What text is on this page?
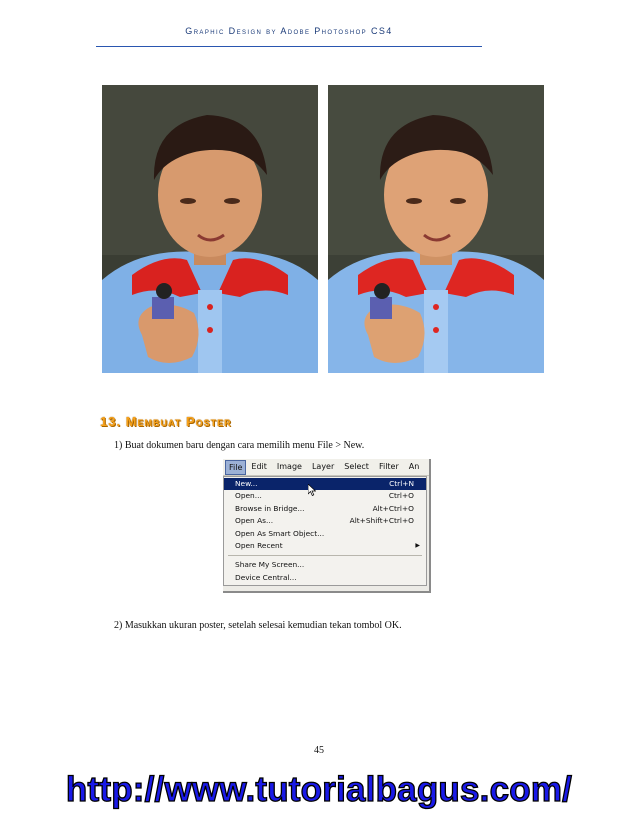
Graphic Design by Adobe Photoshop CS4
13. Membuat Poster
1) Buat dokumen baru dengan cara memilih menu File > New.
File	Edit	Image	Layer	Select	Filter	An
New...	Ctrl+N
Open...	Ctrl+O
Browse in Bridge...	Alt+Ctrl+O
Open As...	Alt+Shift+Ctrl+O
Open As Smart Object...
Open Recent	▶
Share My Screen...
Device Central...
2) Masukkan ukuran poster, setelah selesai kemudian tekan tombol OK.
45
http://www.tutorialbagus.com/
